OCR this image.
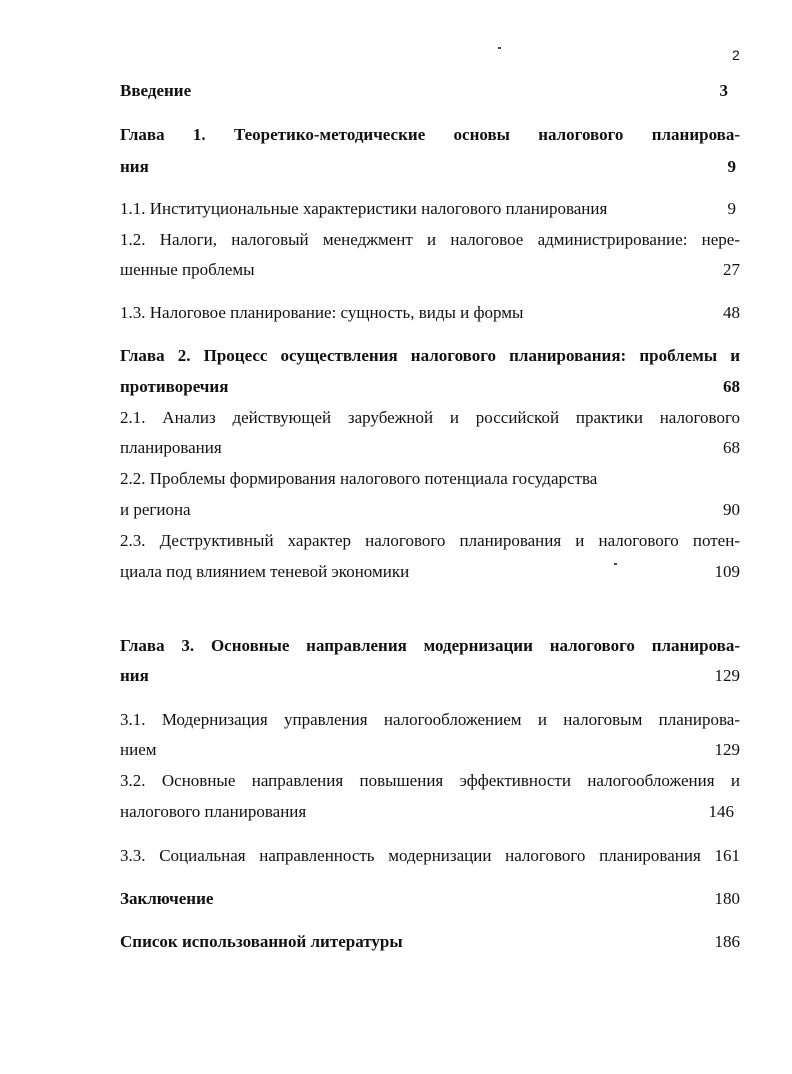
2
Введение	3
Глава 1. Теоретико-методические основы налогового планирова-
ния	9
1.1. Институциональные характеристики налогового планирования	9
1.2. Налоги, налоговый менеджмент и налоговое администрирование: нере-
шенные проблемы	27
1.3. Налоговое планирование: сущность, виды и формы	48
Глава 2. Процесс осуществления налогового планирования: проблемы и
противоречия	68
2.1. Анализ действующей зарубежной и российской практики налогового
планирования	68
2.2. Проблемы формирования налогового потенциала государства
и региона	90
2.3. Деструктивный характер налогового планирования и налогового потен-
циала под влиянием теневой экономики	109
Глава 3. Основные направления модернизации налогового планирова-
ния	129
3.1. Модернизация управления налогообложением и налоговым планирова-
нием	129
3.2. Основные направления повышения эффективности налогообложения и
налогового планирования	146
3.3. Социальная направленность модернизации налогового планирования 161
Заключение	180
Список использованной литературы	186
